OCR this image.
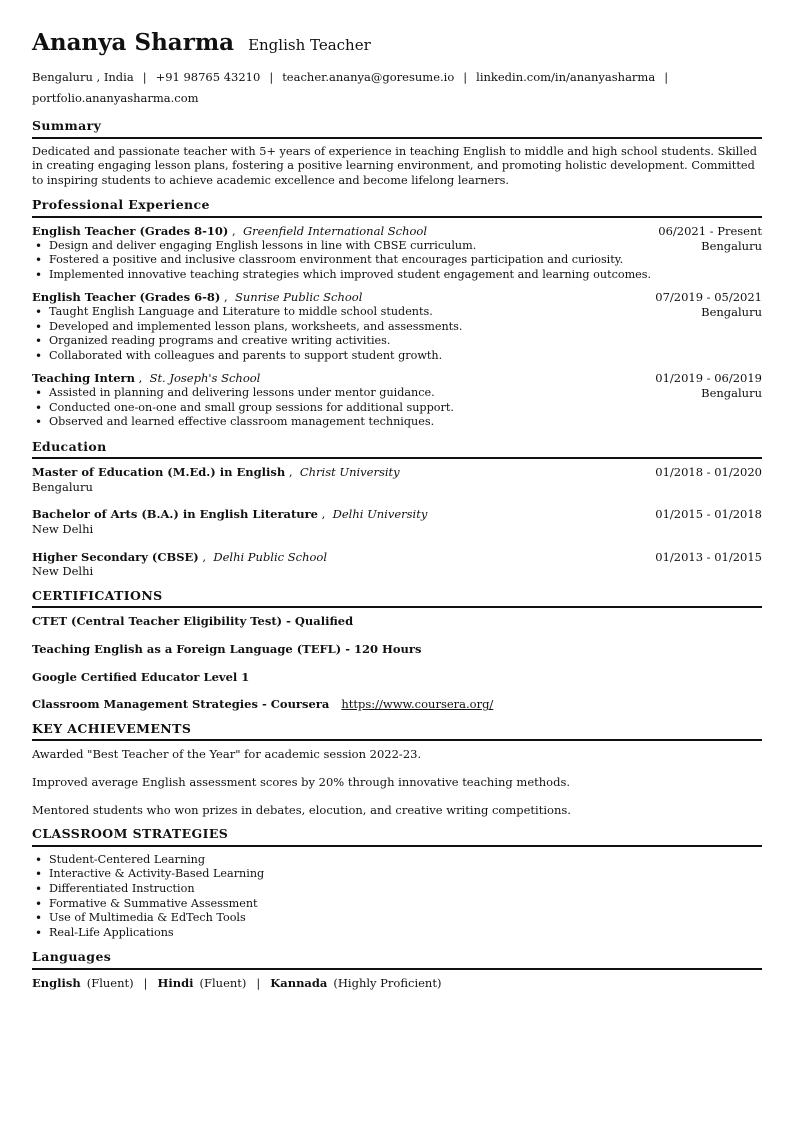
Ananya Sharma English Teacher
Bengaluru , India | +91 98765 43210 | teacher.ananya@goresume.io | linkedin.com/in/ananyasharma |
portfolio.ananyasharma.com
Summary
Dedicated and passionate teacher with 5+ years of experience in teaching English to middle and high school students. Skilled in creating engaging lesson plans, fostering a positive learning environment, and promoting holistic development. Committed to inspiring students to achieve academic excellence and become lifelong learners.
Professional Experience
English Teacher (Grades 8-10) ,  Greenfield International School	06/2021 - Present
• Design and deliver engaging English lessons in line with CBSE curriculum.
• Fostered a positive and inclusive classroom environment that encourages participation and curiosity.
• Implemented innovative teaching strategies which improved student engagement and learning outcomes.
Bengaluru
English Teacher (Grades 6-8) ,  Sunrise Public School	07/2019 - 05/2021
• Taught English Language and Literature to middle school students.
• Developed and implemented lesson plans, worksheets, and assessments.
• Organized reading programs and creative writing activities.
• Collaborated with colleagues and parents to support student growth.
Bengaluru
Teaching Intern ,  St. Joseph's School	01/2019 - 06/2019
• Assisted in planning and delivering lessons under mentor guidance.
• Conducted one-on-one and small group sessions for additional support.
• Observed and learned effective classroom management techniques.
Bengaluru
Education
Master of Education (M.Ed.) in English ,  Christ University	01/2018 - 01/2020
Bengaluru
Bachelor of Arts (B.A.) in English Literature ,  Delhi University	01/2015 - 01/2018
New Delhi
Higher Secondary (CBSE) ,  Delhi Public School	01/2013 - 01/2015
New Delhi
CERTIFICATIONS
CTET (Central Teacher Eligibility Test) - Qualified
Teaching English as a Foreign Language (TEFL) - 120 Hours
Google Certified Educator Level 1
Classroom Management Strategies - Coursera https://www.coursera.org/
KEY ACHIEVEMENTS
Awarded "Best Teacher of the Year" for academic session 2022-23.
Improved average English assessment scores by 20% through innovative teaching methods.
Mentored students who won prizes in debates, elocution, and creative writing competitions.
CLASSROOM STRATEGIES
• Student-Centered Learning
• Interactive & Activity-Based Learning
• Differentiated Instruction
• Formative & Summative Assessment
• Use of Multimedia & EdTech Tools
• Real-Life Applications
Languages
English (Fluent) | Hindi (Fluent) | Kannada (Highly Proficient)
